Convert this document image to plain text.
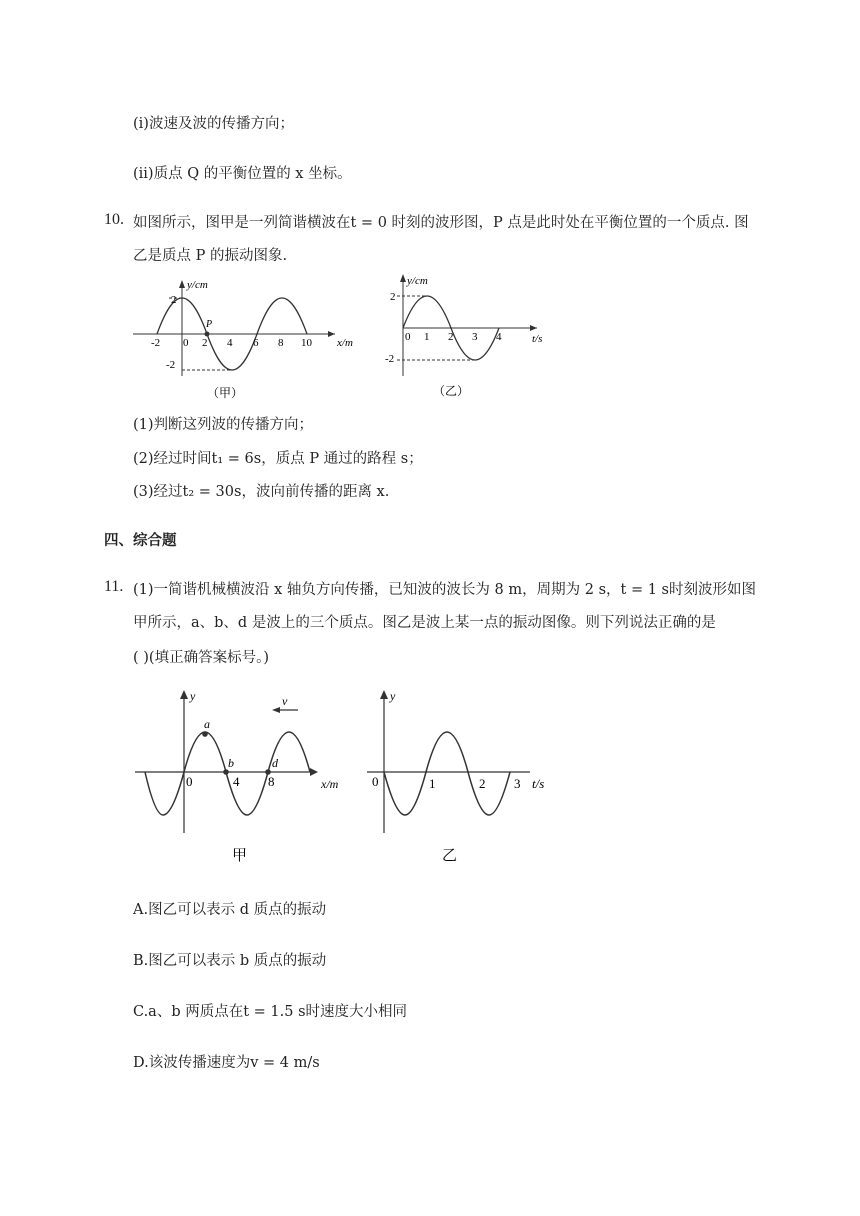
(i)波速及波的传播方向；
(ii)质点 Q 的平衡位置的 x 坐标。
10. 如图所示，图甲是一列简谐横波在t = 0 时刻的波形图，P 点是此时处在平衡位置的一个质点. 图
乙是质点 P 的振动图象.
y/cm
x/m
2
-2
P
-2 0 2 4 6 8 10
（甲）
y/cm
t/s
2
-2
0 1 2 3 4
（乙）
(1)判断这列波的传播方向；
(2)经过时间t₁ = 6s，质点 P 通过的路程 s；
(3)经过t₂ = 30s，波向前传播的距离 x.
四、综合题
11. (1)一简谐机械横波沿 x 轴负方向传播，已知波的波长为 8 m，周期为 2 s，t = 1 s时刻波形如图
甲所示，a、b、d 是波上的三个质点。图乙是波上某一点的振动图像。则下列说法正确的是
( )(填正确答案标号。)
v
y
x/m
0	4 8
a
b	d
甲
y
0	1	2 3 t/s
乙
A.图乙可以表示 d 质点的振动
B.图乙可以表示 b 质点的振动
C.a、b 两质点在t = 1.5 s时速度大小相同
D.该波传播速度为v = 4 m/s
